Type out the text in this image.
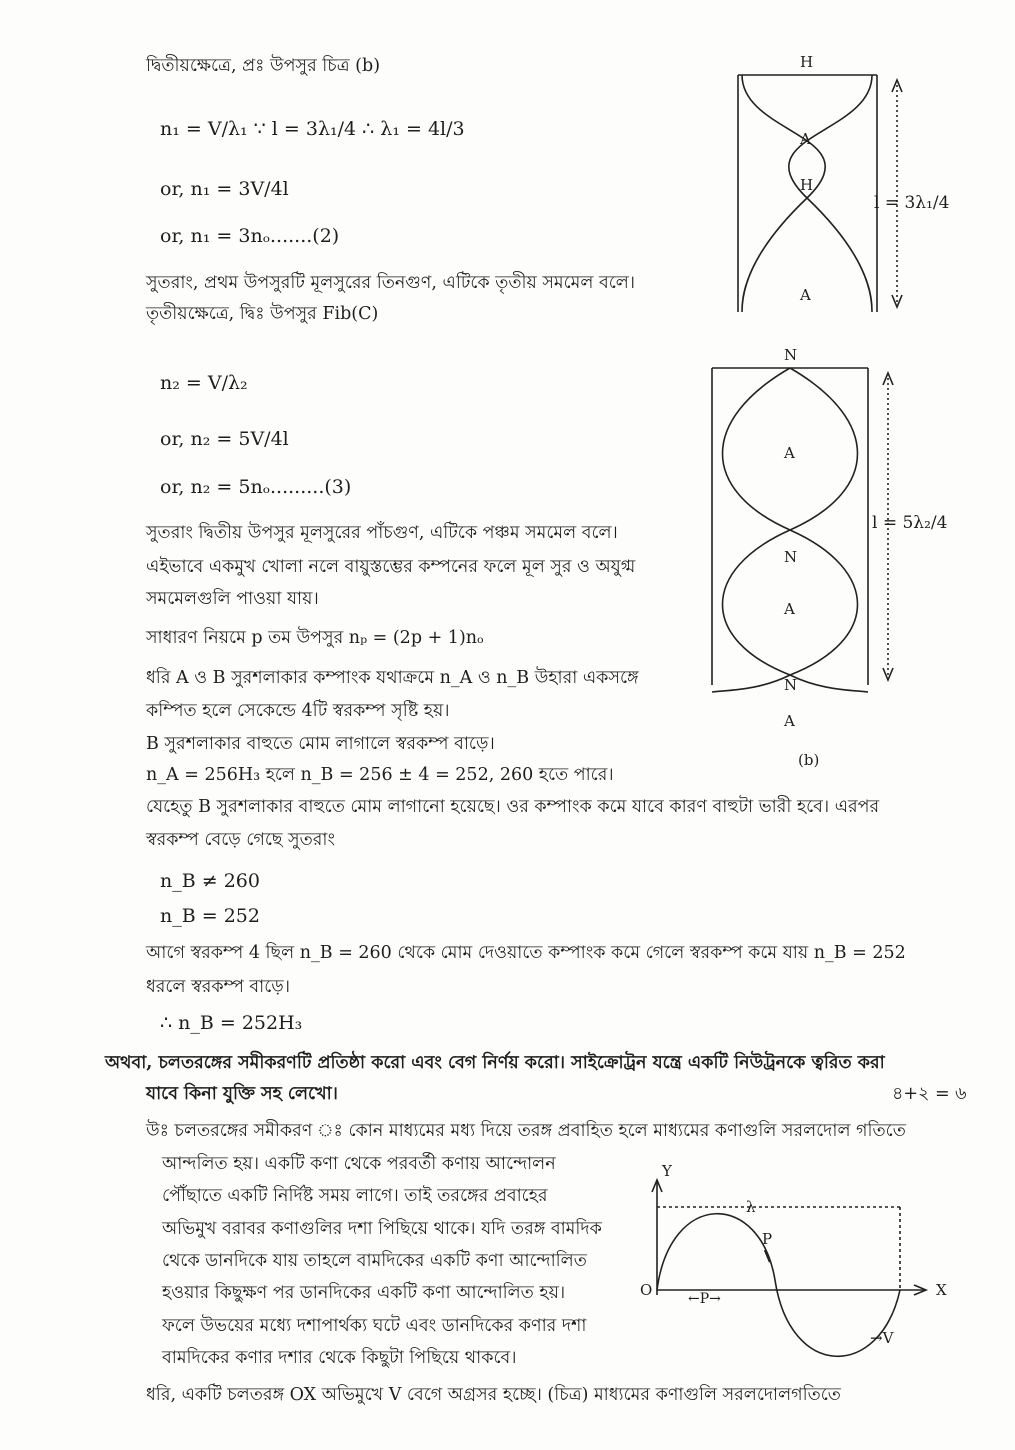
দ্বিতীয়ক্ষেত্রে, প্রঃ উপসুর চিত্র (b)
n₁ = V/λ₁ ∵ l = 3λ₁/4 ∴ λ₁ = 4l/3
or, n₁ = 3V/4l
or, n₁ = 3nₒ.......(2)
সুতরাং, প্রথম উপসুরটি মূলসুরের তিনগুণ, এটিকে তৃতীয় সমমেল বলে।
তৃতীয়ক্ষেত্রে, দ্বিঃ উপসুর Fib(C)
n₂ = V/λ₂
or, n₂ = 5V/4l
or, n₂ = 5nₒ.........(3)
সুতরাং দ্বিতীয় উপসুর মূলসুরের পাঁচগুণ, এটিকে পঞ্চম সমমেল বলে।
এইভাবে একমুখ খোলা নলে বায়ুস্তম্ভের কম্পনের ফলে মূল সুর ও অযুগ্ম
সমমেলগুলি পাওয়া যায়।
সাধারণ নিয়মে p তম উপসুর nₚ = (2p + 1)nₒ
ধরি A ও B সুরশলাকার কম্পাংক যথাক্রমে n_A ও n_B উহারা একসঙ্গে
কম্পিত হলে সেকেন্ডে 4টি স্বরকম্প সৃষ্টি হয়।
B সুরশলাকার বাহুতে মোম লাগালে স্বরকম্প বাড়ে।
n_A = 256H₃ হলে n_B = 256 ± 4 = 252, 260 হতে পারে।
যেহেতু B সুরশলাকার বাহুতে মোম লাগানো হয়েছে। ওর কম্পাংক কমে যাবে কারণ বাহুটা ভারী হবে। এরপর
স্বরকম্প বেড়ে গেছে সুতরাং
n_B ≠ 260
n_B = 252
আগে স্বরকম্প 4 ছিল n_B = 260 থেকে মোম দেওয়াতে কম্পাংক কমে গেলে স্বরকম্প কমে যায় n_B = 252
ধরলে স্বরকম্প বাড়ে।
∴ n_B = 252H₃
অথবা, চলতরঙ্গের সমীকরণটি প্রতিষ্ঠা করো এবং বেগ নির্ণয় করো। সাইক্রোট্রন যন্ত্রে একটি নিউট্রনকে ত্বরিত করা
যাবে কিনা যুক্তি সহ লেখো।	৪+২ = ৬
উঃ চলতরঙ্গের সমীকরণ ঃ কোন মাধ্যমের মধ্য দিয়ে তরঙ্গ প্রবাহিত হলে মাধ্যমের কণাগুলি সরলদোল গতিতে
আন্দলিত হয়। একটি কণা থেকে পরবর্তী কণায় আন্দোলন
পৌঁছাতে একটি নির্দিষ্ট সময় লাগে। তাই তরঙ্গের প্রবাহের
অভিমুখ বরাবর কণাগুলির দশা পিছিয়ে থাকে। যদি তরঙ্গ বামদিক
থেকে ডানদিকে যায় তাহলে বামদিকের একটি কণা আন্দোলিত
হওয়ার কিছুক্ষণ পর ডানদিকের একটি কণা আন্দোলিত হয়।
ফলে উভয়ের মধ্যে দশাপার্থক্য ঘটে এবং ডানদিকের কণার দশা
বামদিকের কণার দশার থেকে কিছুটা পিছিয়ে থাকবে।
ধরি, একটি চলতরঙ্গ OX অভিমুখে V বেগে অগ্রসর হচ্ছে। (চিত্র) মাধ্যমের কণাগুলি সরলদোলগতিতে
H
A
H
A
l = 3λ₁/4
N
A
N
A
N
A
(b)
l = 5λ₂/4
Y
X
O
λ
P
←P→
→V
